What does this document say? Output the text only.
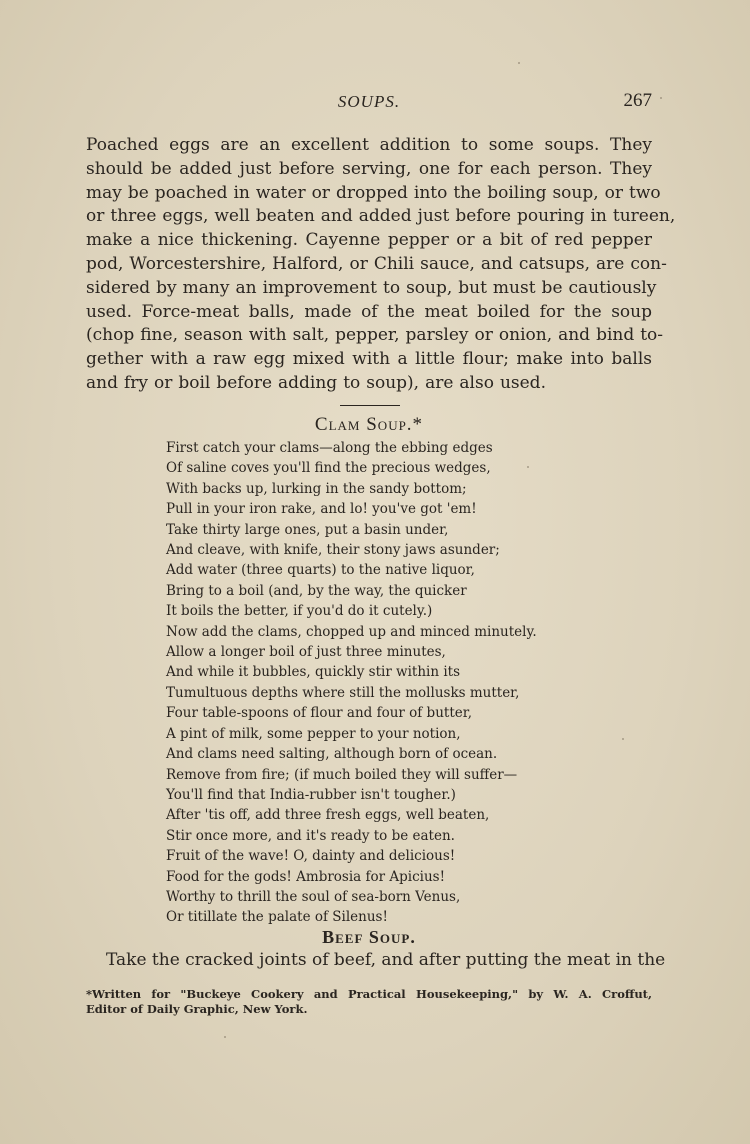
SOUPS.	267
Poached eggs are an excellent addition to some soups. They
should be added just before serving, one for each person. They
may be poached in water or dropped into the boiling soup, or two
or three eggs, well beaten and added just before pouring in tureen,
make a nice thickening. Cayenne pepper or a bit of red pepper
pod, Worcestershire, Halford, or Chili sauce, and catsups, are con-
sidered by many an improvement to soup, but must be cautiously
used. Force-meat balls, made of the meat boiled for the soup
(chop fine, season with salt, pepper, parsley or onion, and bind to-
gether with a raw egg mixed with a little flour; make into balls
and fry or boil before adding to soup), are also used.
Clam Soup.*
First catch your clams—along the ebbing edges
Of saline coves you'll find the precious wedges,
With backs up, lurking in the sandy bottom;
Pull in your iron rake, and lo! you've got 'em!
Take thirty large ones, put a basin under,
And cleave, with knife, their stony jaws asunder;
Add water (three quarts) to the native liquor,
Bring to a boil (and, by the way, the quicker
It boils the better, if you'd do it cutely.)
Now add the clams, chopped up and minced minutely.
Allow a longer boil of just three minutes,
And while it bubbles, quickly stir within its
Tumultuous depths where still the mollusks mutter,
Four table-spoons of flour and four of butter,
A pint of milk, some pepper to your notion,
And clams need salting, although born of ocean.
Remove from fire; (if much boiled they will suffer—
You'll find that India-rubber isn't tougher.)
After 'tis off, add three fresh eggs, well beaten,
Stir once more, and it's ready to be eaten.
Fruit of the wave! O, dainty and delicious!
Food for the gods! Ambrosia for Apicius!
Worthy to thrill the soul of sea-born Venus,
Or titillate the palate of Silenus!
Beef Soup.
Take the cracked joints of beef, and after putting the meat in the
*Written for "Buckeye Cookery and Practical Housekeeping," by W. A. Croffut,
Editor of Daily Graphic, New York.
